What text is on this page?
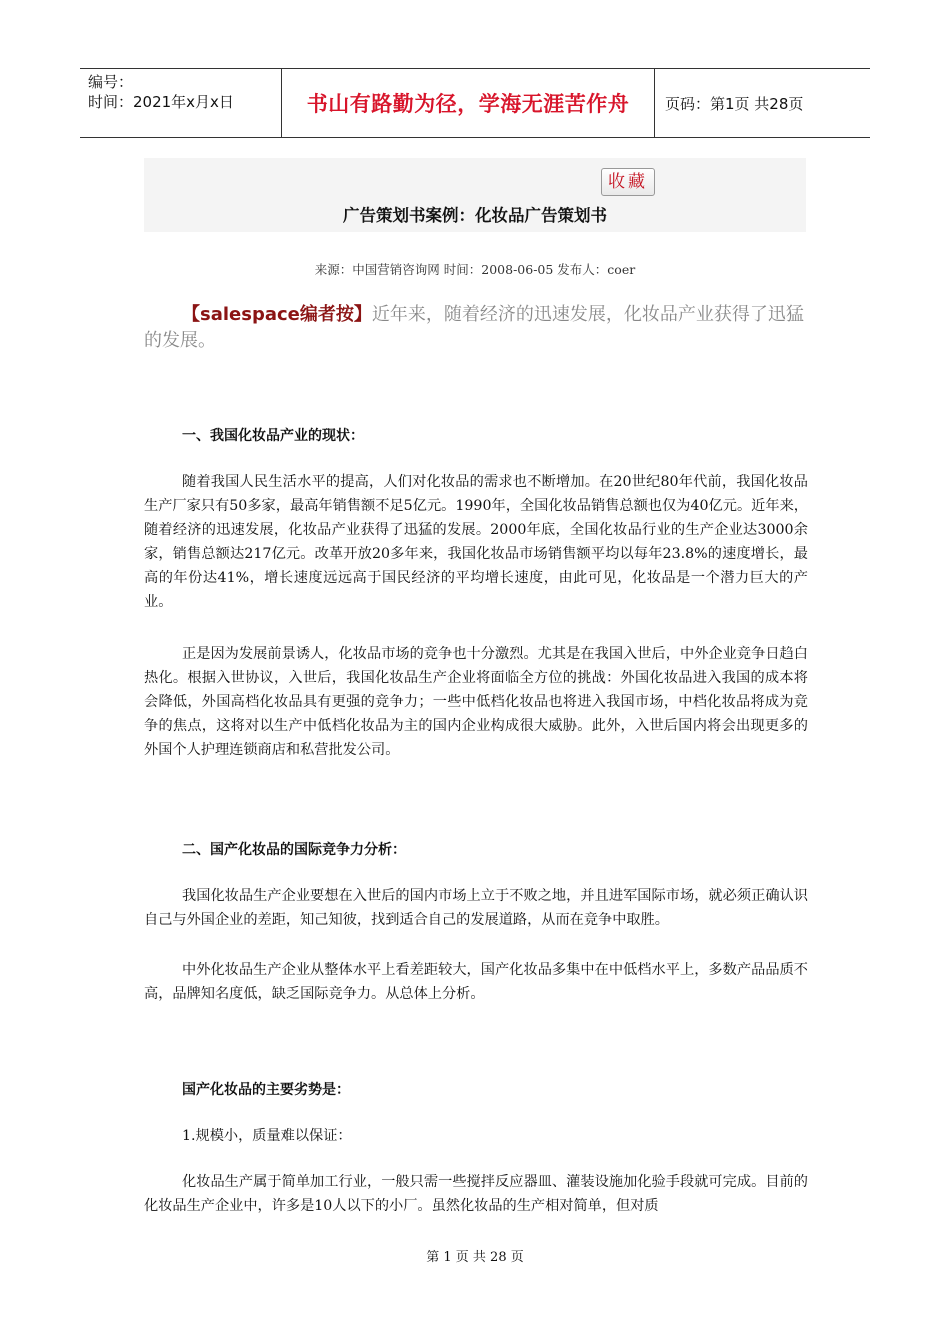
编号：
时间：2021年x月x日	书山有路勤为径，学海无涯苦作舟	页码：第1页 共28页
收藏
广告策划书案例：化妆品广告策划书
来源：中国营销咨询网 时间：2008-06-05 发布人：coer
【salespace编者按】近年来，随着经济的迅速发展，化妆品产业获得了迅猛的发展。
一、我国化妆品产业的现状：
随着我国人民生活水平的提高，人们对化妆品的需求也不断增加。在20世纪80年代前，我国化妆品生产厂家只有50多家，最高年销售额不足5亿元。1990年，全国化妆品销售总额也仅为40亿元。近年来，随着经济的迅速发展，化妆品产业获得了迅猛的发展。2000年底，全国化妆品行业的生产企业达3000余家，销售总额达217亿元。改革开放20多年来，我国化妆品市场销售额平均以每年23.8%的速度增长，最高的年份达41%，增长速度远远高于国民经济的平均增长速度，由此可见，化妆品是一个潜力巨大的产业。
正是因为发展前景诱人，化妆品市场的竞争也十分激烈。尤其是在我国入世后，中外企业竞争日趋白热化。根据入世协议，入世后，我国化妆品生产企业将面临全方位的挑战：外国化妆品进入我国的成本将会降低，外国高档化妆品具有更强的竞争力；一些中低档化妆品也将进入我国市场，中档化妆品将成为竞争的焦点，这将对以生产中低档化妆品为主的国内企业构成很大威胁。此外，入世后国内将会出现更多的外国个人护理连锁商店和私营批发公司。
二、国产化妆品的国际竞争力分析：
我国化妆品生产企业要想在入世后的国内市场上立于不败之地，并且进军国际市场，就必须正确认识自己与外国企业的差距，知己知彼，找到适合自己的发展道路，从而在竞争中取胜。
中外化妆品生产企业从整体水平上看差距较大，国产化妆品多集中在中低档水平上，多数产品品质不高，品牌知名度低，缺乏国际竞争力。从总体上分析。
国产化妆品的主要劣势是：
1.规模小，质量难以保证：
化妆品生产属于简单加工行业，一般只需一些搅拌反应器皿、灌装设施加化验手段就可完成。目前的化妆品生产企业中，许多是10人以下的小厂。虽然化妆品的生产相对简单，但对质
第 1 页 共 28 页
